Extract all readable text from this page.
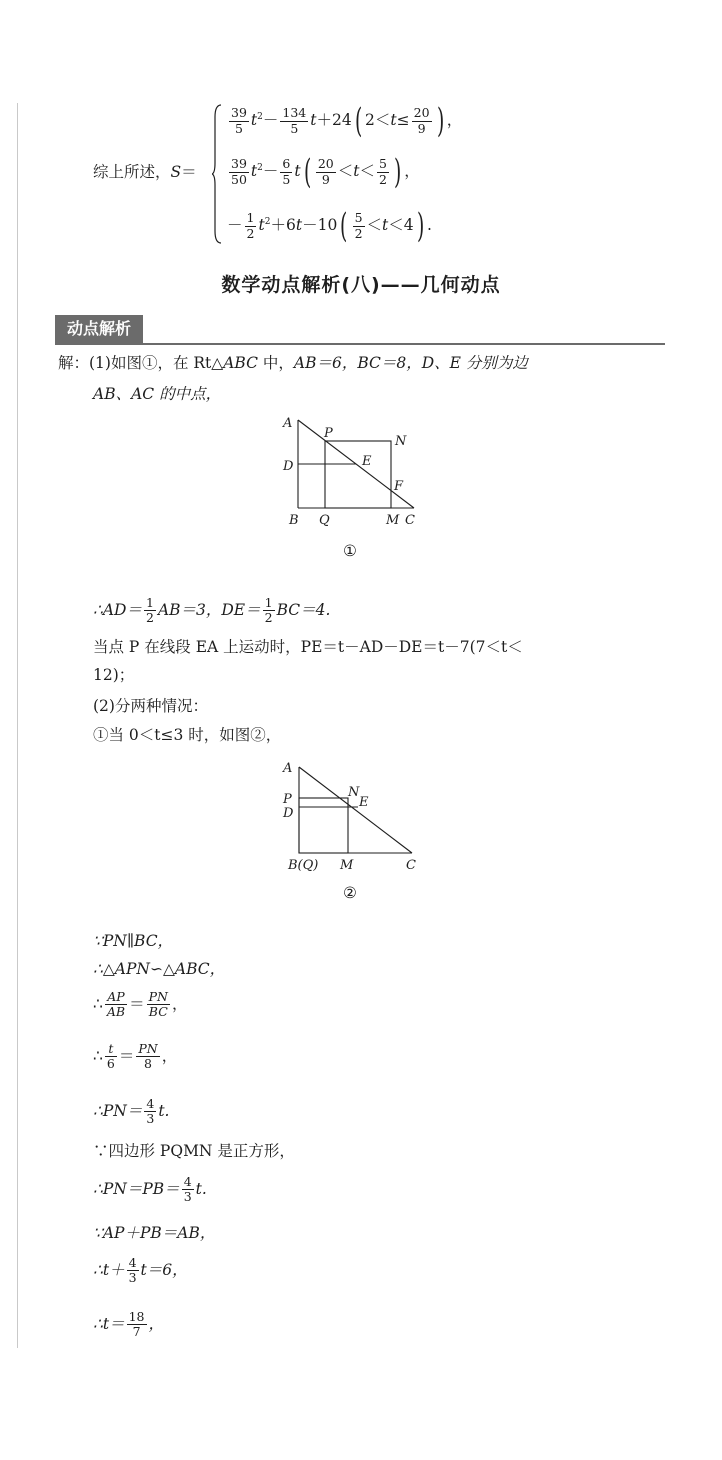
综上所述，S＝
$\frac{39}{5} t^2- \frac{134}{5} t+24$( $2<t\le \frac{20}{9}$ ) ，
$\frac{39}{50} t^2- \frac{6}{5} t( \frac{20}{9} <t< \frac{5}{2}$ ) ，
－ $\frac{1}{2} t^2+6t-10( \frac{5}{2} <t<4)$ .
数学动点解析(八)——几何动点
动点解析
解：(1)如图①，在 Rt△ABC 中，AB＝6，BC＝8，D、E 分别为边
AB、AC 的中点，
A
P
N
D	E
F
B Q	M C
①
∴AD＝ $\frac{1}{2} AB=3$，$DE= \frac{1}{2} BC=4$.
当点 P 在线段 EA 上运动时，PE＝t－AD－DE＝t－7(7＜t＜
12)；
(2)分两种情况：
①当 0＜t≤3 时，如图②，
A
P	N
E
D
B(Q) M	C
②
∵PN∥BC，
∴△APN∽△ABC，
∴ $\frac{AP}{AB} = \frac{PN}{BC}$ ，
∴ $\frac{t}{6} = \frac{PN}{8}$ ，
∴PN＝ $\frac{4}{3} t$.
∵四边形 PQMN 是正方形，
∴PN＝PB＝ $\frac{4}{3} t$.
∵AP＋PB＝AB，
∴t＋ $\frac{4}{3} t=6$，
∴t＝ $\frac{18}{7}$ ，
